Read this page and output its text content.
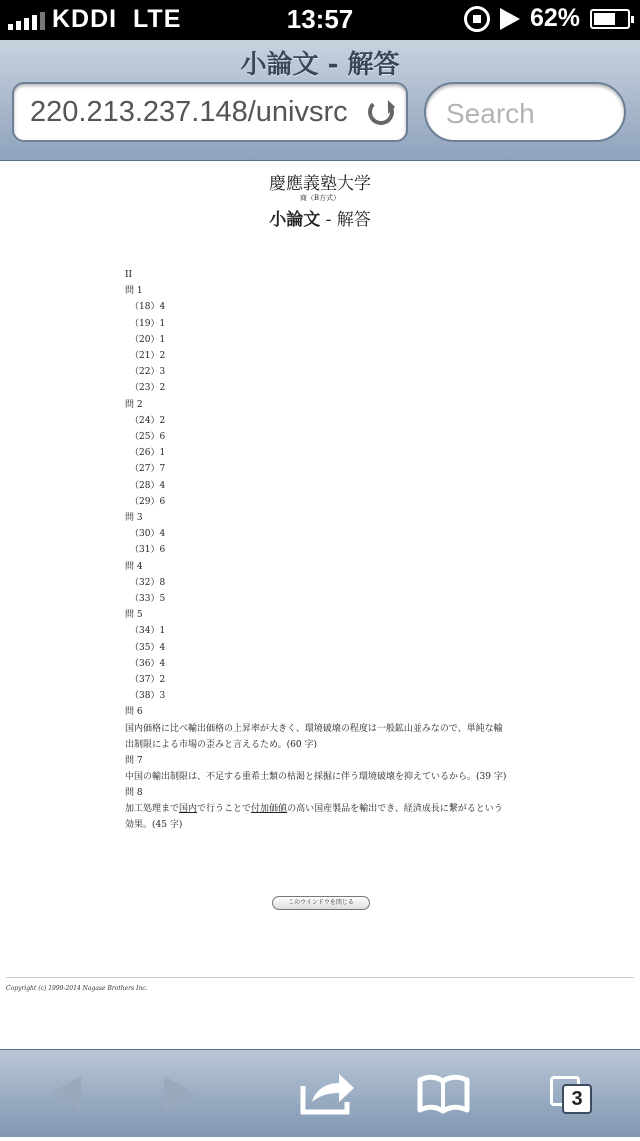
KDDI LTE	13:57	62%
小論文 - 解答
220.213.237.148/univsrc	Search
慶應義塾大学
商（B方式）
小論文 - 解答
II
問 1
（18）4
（19）1
（20）1
（21）2
（22）3
（23）2
問 2
（24）2
（25）6
（26）1
（27）7
（28）4
（29）6
問 3
（30）4
（31）6
問 4
（32）8
（33）5
問 5
（34）1
（35）4
（36）4
（37）2
（38）3
問 6
国内価格に比べ輸出価格の上昇率が大きく、環境破壊の程度は一般鉱山並みなので、単純な輸出制限による市場の歪みと言えるため。(60 字)
問 7
中国の輸出制限は、不足する重希土類の枯渇と採掘に伴う環境破壊を抑えているから。(39 字)
問 8
加工処理まで国内で行うことで付加価値の高い国産製品を輸出でき、経済成長に繋がるという効果。(45 字)
このウインドウを閉じる
Copyright (c) 1999-2014 Nagase Brothers Inc.
3
